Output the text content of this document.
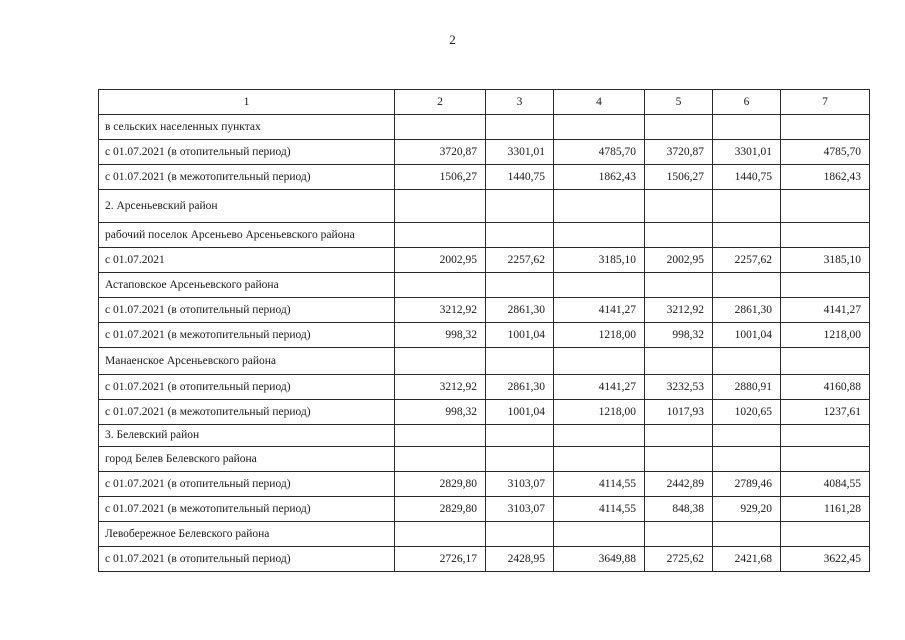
2
1	2	3	4	5	6	7
в сельских населенных пунктах						
с 01.07.2021 (в отопительный период)	3720,87	3301,01	4785,70	3720,87	3301,01	4785,70
с 01.07.2021 (в межотопительный период)	1506,27	1440,75	1862,43	1506,27	1440,75	1862,43
2. Арсеньевский район						
рабочий поселок Арсеньево Арсеньевского района						
с 01.07.2021	2002,95	2257,62	3185,10	2002,95	2257,62	3185,10
Астаповское Арсеньевского района						
с 01.07.2021 (в отопительный период)	3212,92	2861,30	4141,27	3212,92	2861,30	4141,27
с 01.07.2021 (в межотопительный период)	998,32	1001,04	1218,00	998,32	1001,04	1218,00
Манаенское Арсеньевского района						
с 01.07.2021 (в отопительный период)	3212,92	2861,30	4141,27	3232,53	2880,91	4160,88
с 01.07.2021 (в межотопительный период)	998,32	1001,04	1218,00	1017,93	1020,65	1237,61
3. Белевский район						
город Белев Белевского района						
с 01.07.2021 (в отопительный период)	2829,80	3103,07	4114,55	2442,89	2789,46	4084,55
с 01.07.2021 (в межотопительный период)	2829,80	3103,07	4114,55	848,38	929,20	1161,28
Левобережное Белевского района						
с 01.07.2021 (в отопительный период)	2726,17	2428,95	3649,88	2725,62	2421,68	3622,45
